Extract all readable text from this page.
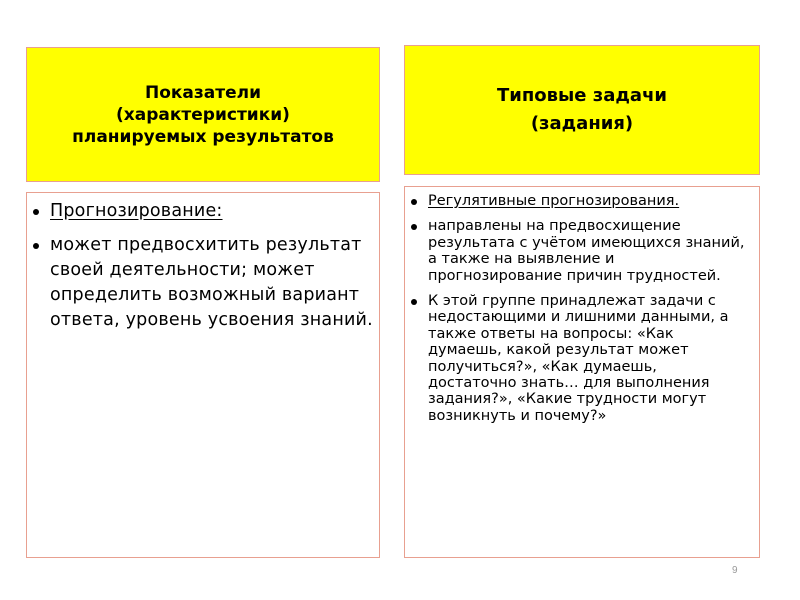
Показатели (характеристики) планируемых результатов
Типовые задачи (задания)
Прогнозирование:
может предвосхитить результат своей деятельности; может определить возможный вариант ответа, уровень усвоения знаний.
Регулятивные прогнозирования.
направлены на предвосхищение результата с учётом имеющихся знаний, а также на выявление и прогнозирование причин трудностей.
К этой группе принадлежат задачи с недостающими и лишними данными, а также ответы на вопросы: «Как думаешь, какой результат может получиться?», «Как думаешь, достаточно знать… для выполнения задания?», «Какие трудности могут возникнуть и почему?»
9
